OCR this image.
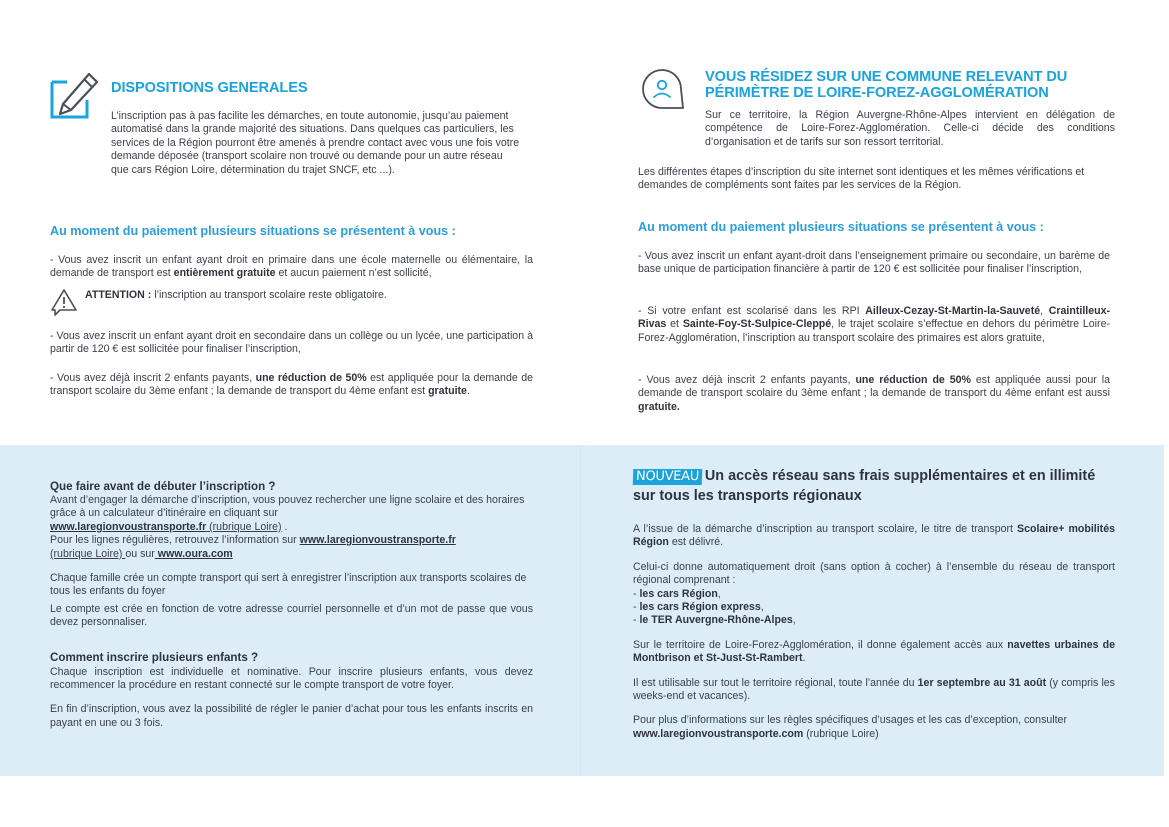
DISPOSITIONS GENERALES

L’inscription pas à pas facilite les démarches, en toute autonomie, jusqu’au paiement automatisé dans la grande majorité des situations. Dans quelques cas particuliers, les services de la Région pourront être amenés à prendre contact avec vous une fois votre demande déposée (transport scolaire non trouvé ou demande pour un autre réseau que cars Région Loire, détermination du trajet SNCF, etc ...).

Au moment du paiement plusieurs situations se présentent à vous :

- Vous avez inscrit un enfant ayant droit en primaire dans une école maternelle ou élémentaire, la demande de transport est entièrement gratuite et aucun paiement n’est sollicité,

ATTENTION : l’inscription au transport scolaire reste obligatoire.

- Vous avez inscrit un enfant ayant droit en secondaire dans un collège ou un lycée, une participation à partir de 120 € est sollicitée pour finaliser l’inscription,

- Vous avez déjà inscrit 2 enfants payants, une réduction de 50% est appliquée pour la demande de transport scolaire du 3ème enfant ; la demande de transport du 4ème enfant est gratuite.

VOUS RÉSIDEZ SUR UNE COMMUNE RELEVANT DU
PÉRIMÈTRE DE LOIRE-FOREZ-AGGLOMÉRATION

Sur ce territoire, la Région Auvergne-Rhône-Alpes intervient en délégation de compétence de Loire-Forez-Agglomération. Celle-ci décide des conditions d’organisation et de tarifs sur son ressort territorial.

Les différentes étapes d’inscription du site internet sont identiques et les mêmes vérifications et demandes de compléments sont faites par les services de la Région.

Au moment du paiement plusieurs situations se présentent à vous :

- Vous avez inscrit un enfant ayant-droit dans l’enseignement primaire ou secondaire, un barème de base unique de participation financière à partir de 120 € est sollicitée pour finaliser l’inscription,

- Si votre enfant est scolarisé dans les RPI Ailleux-Cezay-St-Martin-la-Sauveté, Craintilleux-Rivas et Sainte-Foy-St-Sulpice-Cleppé, le trajet scolaire s’effectue en dehors du périmètre Loire-Forez-Agglomération, l’inscription au transport scolaire des primaires est alors gratuite,

- Vous avez déjà inscrit 2 enfants payants, une réduction de 50% est appliquée aussi pour la demande de transport scolaire du 3ème enfant ; la demande de transport du 4ème enfant est aussi gratuite.

Que faire avant de débuter l’inscription ?

Avant d’engager la démarche d’inscription, vous pouvez rechercher une ligne scolaire et des horaires grâce à un calculateur d’itinéraire en cliquant sur

www.laregionvoustransporte.fr (rubrique Loire) .

Pour les lignes régulières, retrouvez l’information sur www.laregionvoustransporte.fr

(rubrique Loire) ou sur www.oura.com

Chaque famille crée un compte transport qui sert à enregistrer l’inscription aux transports scolaires de tous les enfants du foyer

Le compte est crée en fonction de votre adresse courriel personnelle et d’un mot de passe que vous devez personnaliser.

Comment inscrire plusieurs enfants ?

Chaque inscription est individuelle et nominative. Pour inscrire plusieurs enfants, vous devez recommencer la procédure en restant connecté sur le compte transport de votre foyer.

En fin d’inscription, vous avez la possibilité de régler le panier d’achat pour tous les enfants inscrits en payant en une ou 3 fois.

NOUVEAU Un accès réseau sans frais supplémentaires et en illimité sur tous les transports régionaux

A l’issue de la démarche d’inscription au transport scolaire, le titre de transport Scolaire+ mobilités Région est délivré.

Celui-ci donne automatiquement droit (sans option à cocher) à l’ensemble du réseau de transport régional comprenant :

- les cars Région,
- les cars Région express,
- le TER Auvergne-Rhône-Alpes,

Sur le territoire de Loire-Forez-Agglomération, il donne également accès aux navettes urbaines de Montbrison et St-Just-St-Rambert.

Il est utilisable sur tout le territoire régional, toute l’année du 1er septembre au 31 août (y compris les weeks-end et vacances).

Pour plus d’informations sur les règles spécifiques d’usages et les cas d’exception, consulter

www.laregionvoustransporte.com (rubrique Loire)
